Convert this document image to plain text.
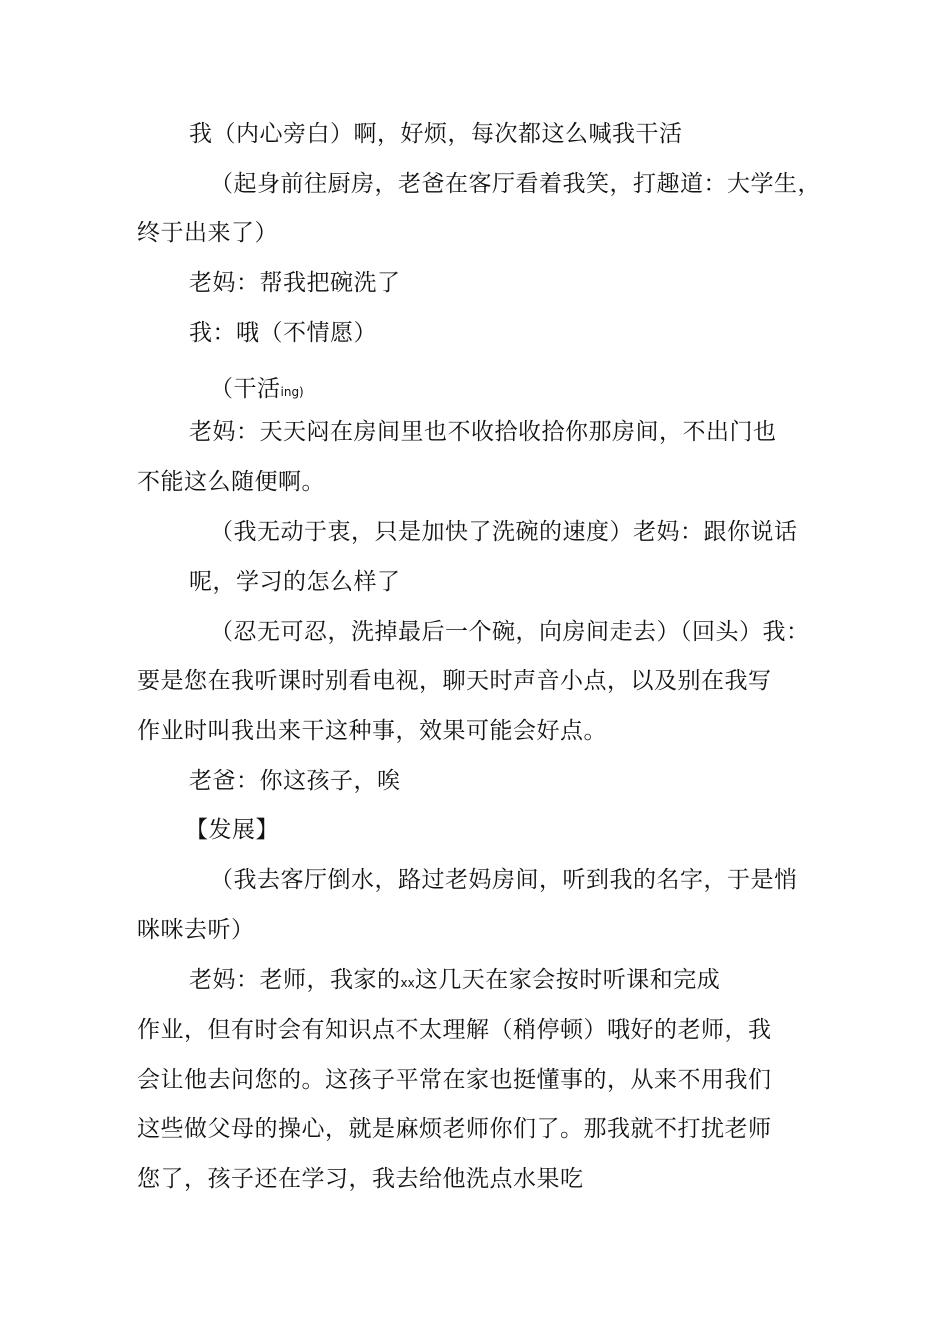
我（内心旁白）啊，好烦，每次都这么喊我干活
（起身前往厨房，老爸在客厅看着我笑，打趣道：大学生，
终于出来了）
老妈：帮我把碗洗了
我：哦（不情愿）
（干活ing)
老妈：天天闷在房间里也不收拾收拾你那房间，不出门也
不能这么随便啊。
（我无动于衷，只是加快了洗碗的速度）老妈：跟你说话
呢，学习的怎么样了
（忍无可忍，洗掉最后一个碗，向房间走去）（回头）我：
要是您在我听课时别看电视，聊天时声音小点，以及别在我写
作业时叫我出来干这种事，效果可能会好点。
老爸：你这孩子，唉
【发展】
（我去客厅倒水，路过老妈房间，听到我的名字，于是悄
咪咪去听）
老妈：老师，我家的xx这几天在家会按时听课和完成
作业，但有时会有知识点不太理解（稍停顿）哦好的老师，我
会让他去问您的。这孩子平常在家也挺懂事的，从来不用我们
这些做父母的操心，就是麻烦老师你们了。那我就不打扰老师
您了，孩子还在学习，我去给他洗点水果吃
